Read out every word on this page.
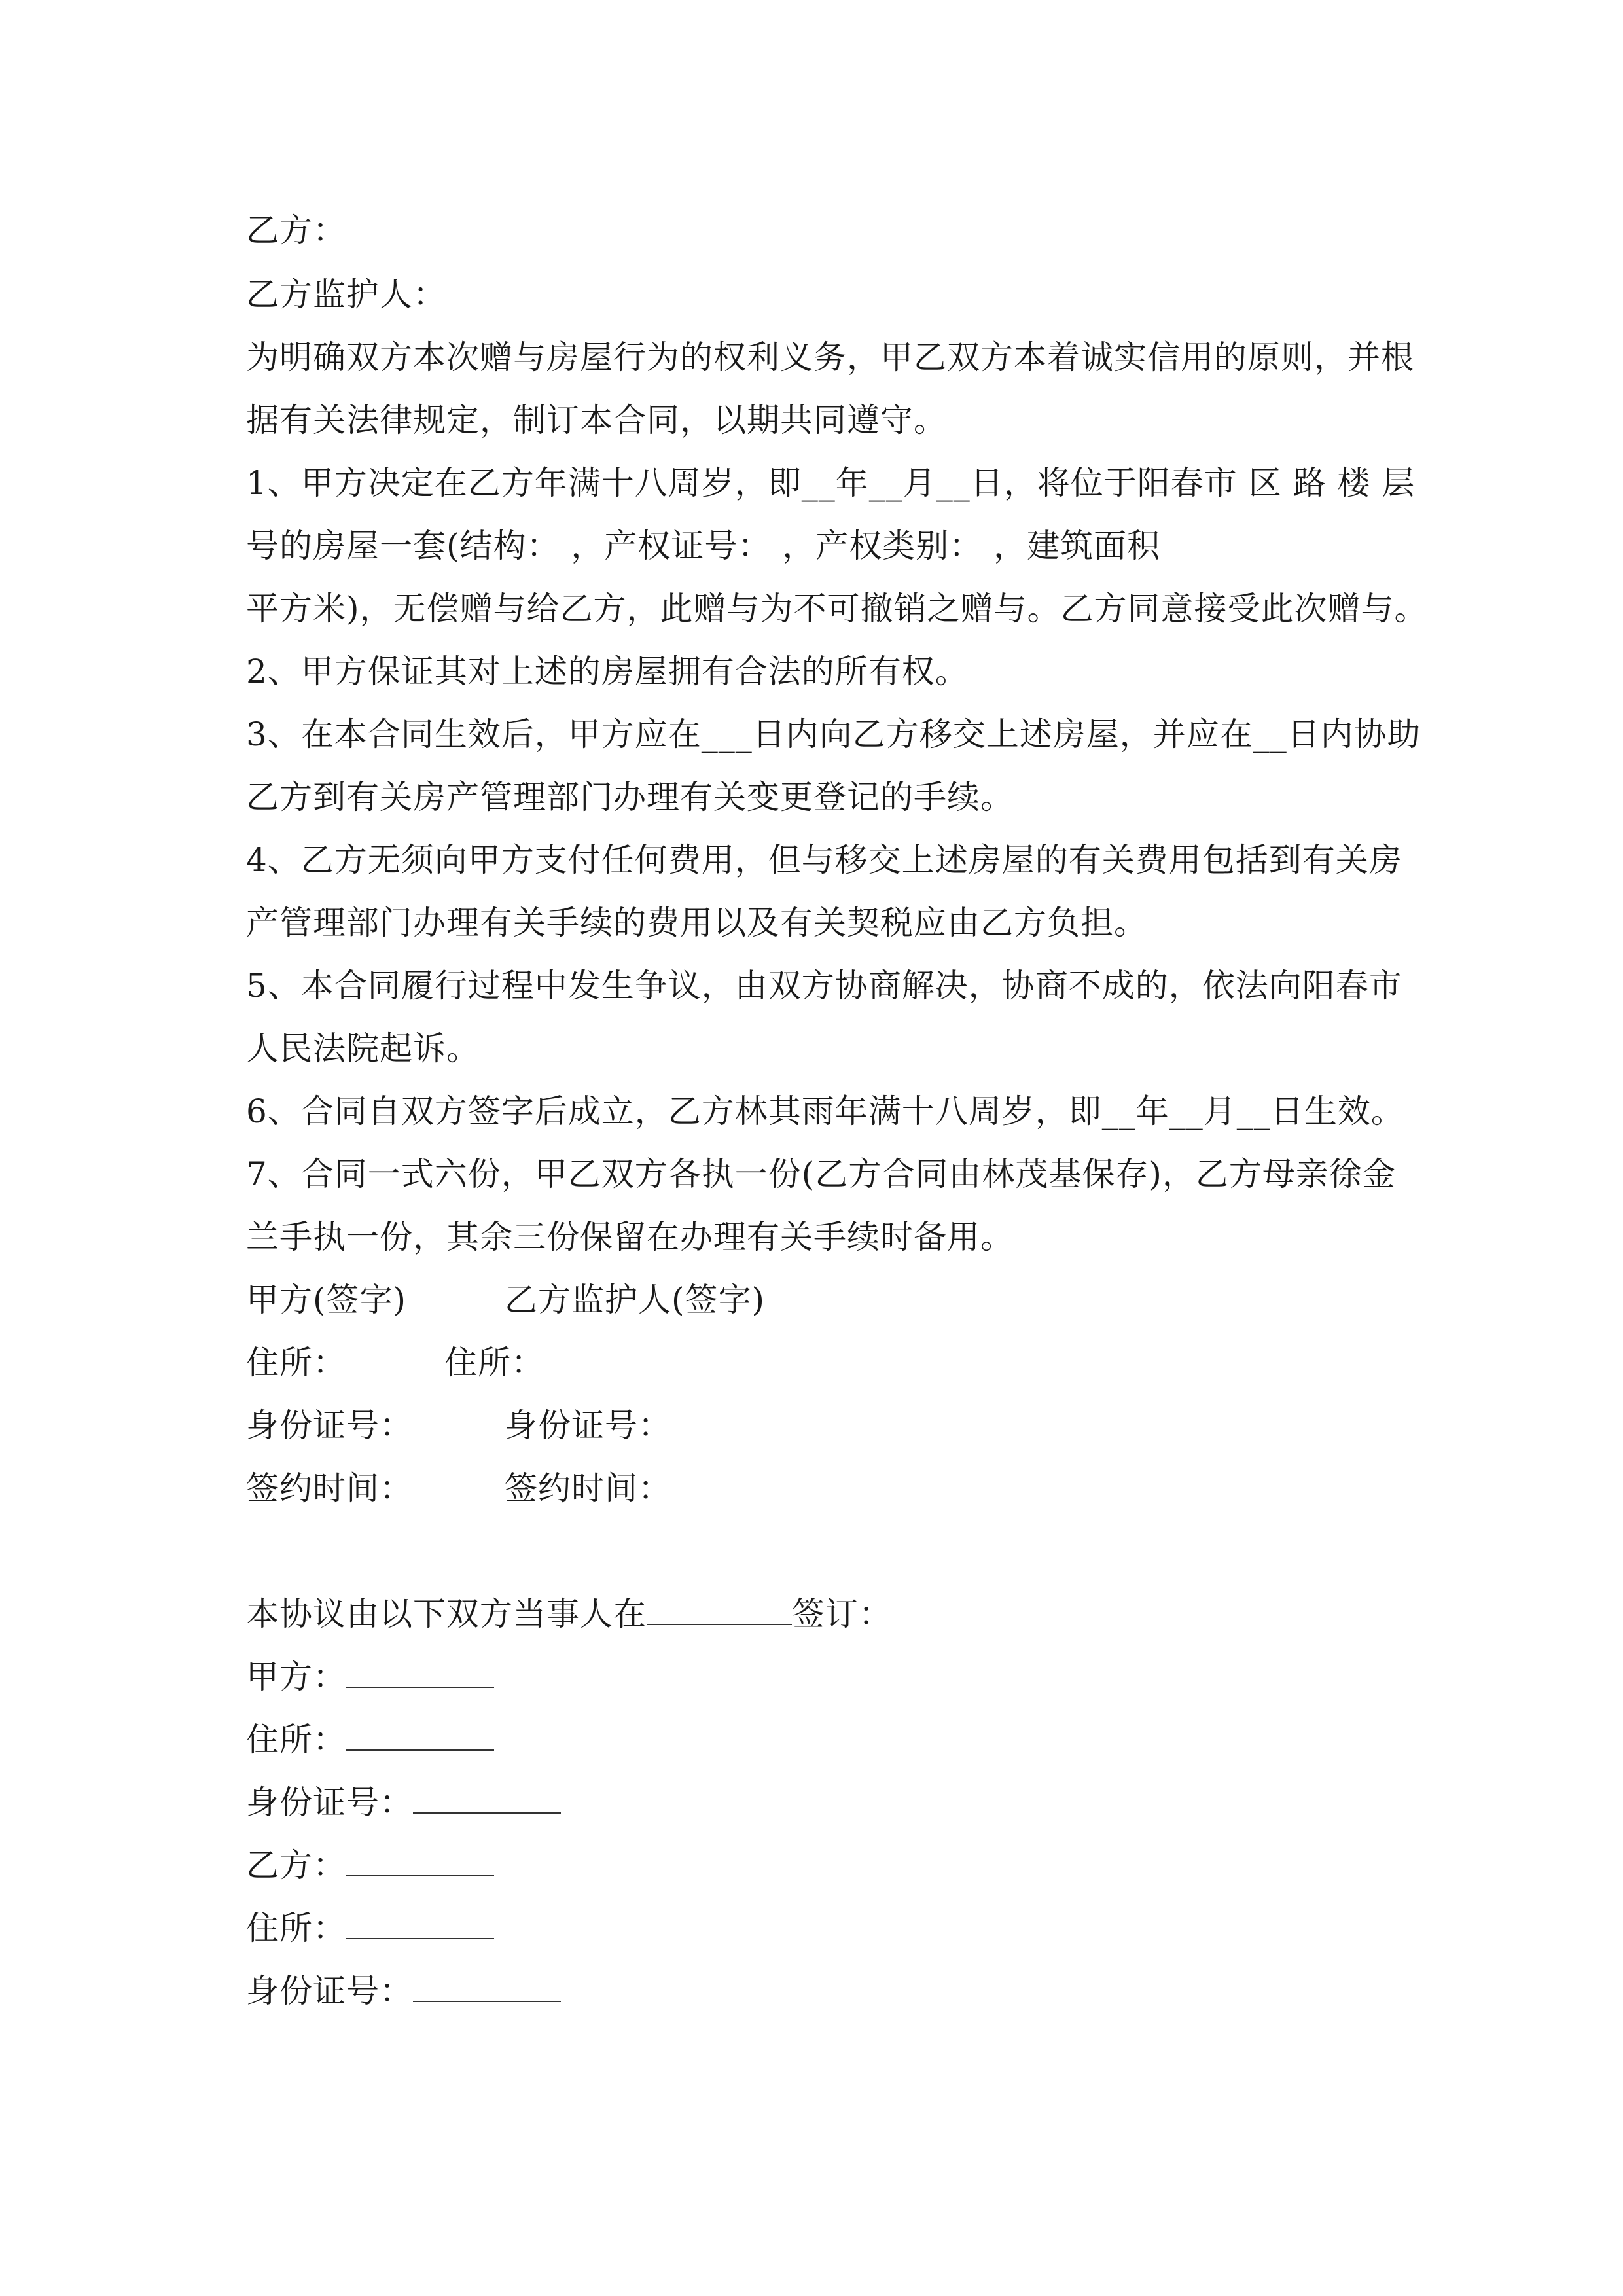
乙方：
乙方监护人：
为明确双方本次赠与房屋行为的权利义务，甲乙双方本着诚实信用的原则，并根
据有关法律规定，制订本合同，以期共同遵守。
1、甲方决定在乙方年满十八周岁，即__年__月__日，将位于阳春市 区 路 楼 层
号的房屋一套(结构： ，产权证号： ，产权类别： ，建筑面积
平方米)，无偿赠与给乙方，此赠与为不可撤销之赠与。乙方同意接受此次赠与。
2、甲方保证其对上述的房屋拥有合法的所有权。
3、在本合同生效后，甲方应在___日内向乙方移交上述房屋，并应在__日内协助
乙方到有关房产管理部门办理有关变更登记的手续。
4、乙方无须向甲方支付任何费用，但与移交上述房屋的有关费用包括到有关房
产管理部门办理有关手续的费用以及有关契税应由乙方负担。
5、本合同履行过程中发生争议，由双方协商解决，协商不成的，依法向阳春市
人民法院起诉。
6、合同自双方签字后成立，乙方林其雨年满十八周岁，即__年__月__日生效。
7、合同一式六份，甲乙双方各执一份(乙方合同由林茂基保存)，乙方母亲徐金
兰手执一份，其余三份保留在办理有关手续时备用。
甲方(签字)	乙方监护人(签字)
住所：	住所：
身份证号：	身份证号：
签约时间：	签约时间：
本协议由以下双方当事人在	签订：
甲方：
住所：
身份证号：
乙方：
住所：
身份证号：
